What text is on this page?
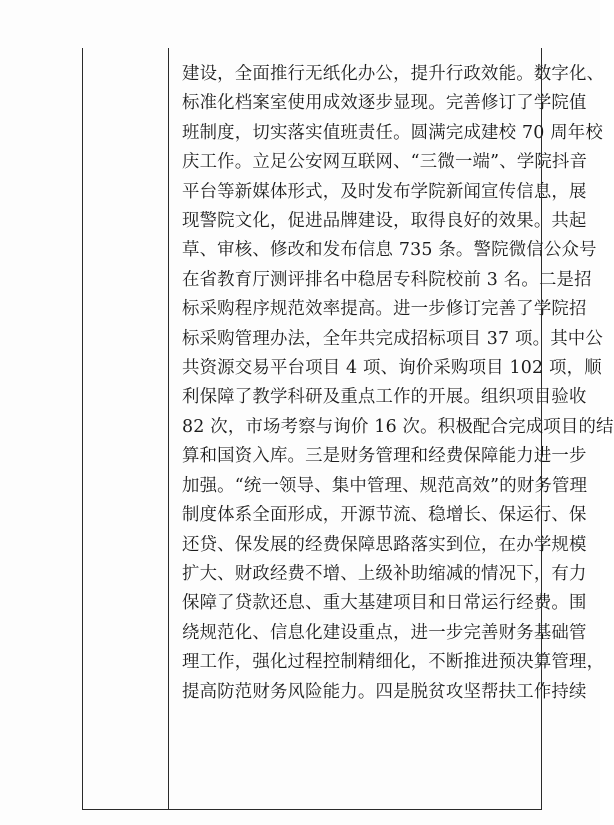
建设，全面推行无纸化办公，提升行政效能。数字化、
标准化档案室使用成效逐步显现。完善修订了学院值
班制度，切实落实值班责任。圆满完成建校 70 周年校
庆工作。立足公安网互联网、“三微一端”、学院抖音
平台等新媒体形式，及时发布学院新闻宣传信息，展
现警院文化，促进品牌建设，取得良好的效果。共起
草、审核、修改和发布信息 735 条。警院微信公众号
在省教育厅测评排名中稳居专科院校前 3 名。二是招
标采购程序规范效率提高。进一步修订完善了学院招
标采购管理办法，全年共完成招标项目 37 项。其中公
共资源交易平台项目 4 项、询价采购项目 102 项，顺
利保障了教学科研及重点工作的开展。组织项目验收
82 次，市场考察与询价 16 次。积极配合完成项目的结
算和国资入库。三是财务管理和经费保障能力进一步
加强。“统一领导、集中管理、规范高效”的财务管理
制度体系全面形成，开源节流、稳增长、保运行、保
还贷、保发展的经费保障思路落实到位，在办学规模
扩大、财政经费不增、上级补助缩减的情况下，有力
保障了贷款还息、重大基建项目和日常运行经费。围
绕规范化、信息化建设重点，进一步完善财务基础管
理工作，强化过程控制精细化，不断推进预决算管理，
提高防范财务风险能力。四是脱贫攻坚帮扶工作持续
